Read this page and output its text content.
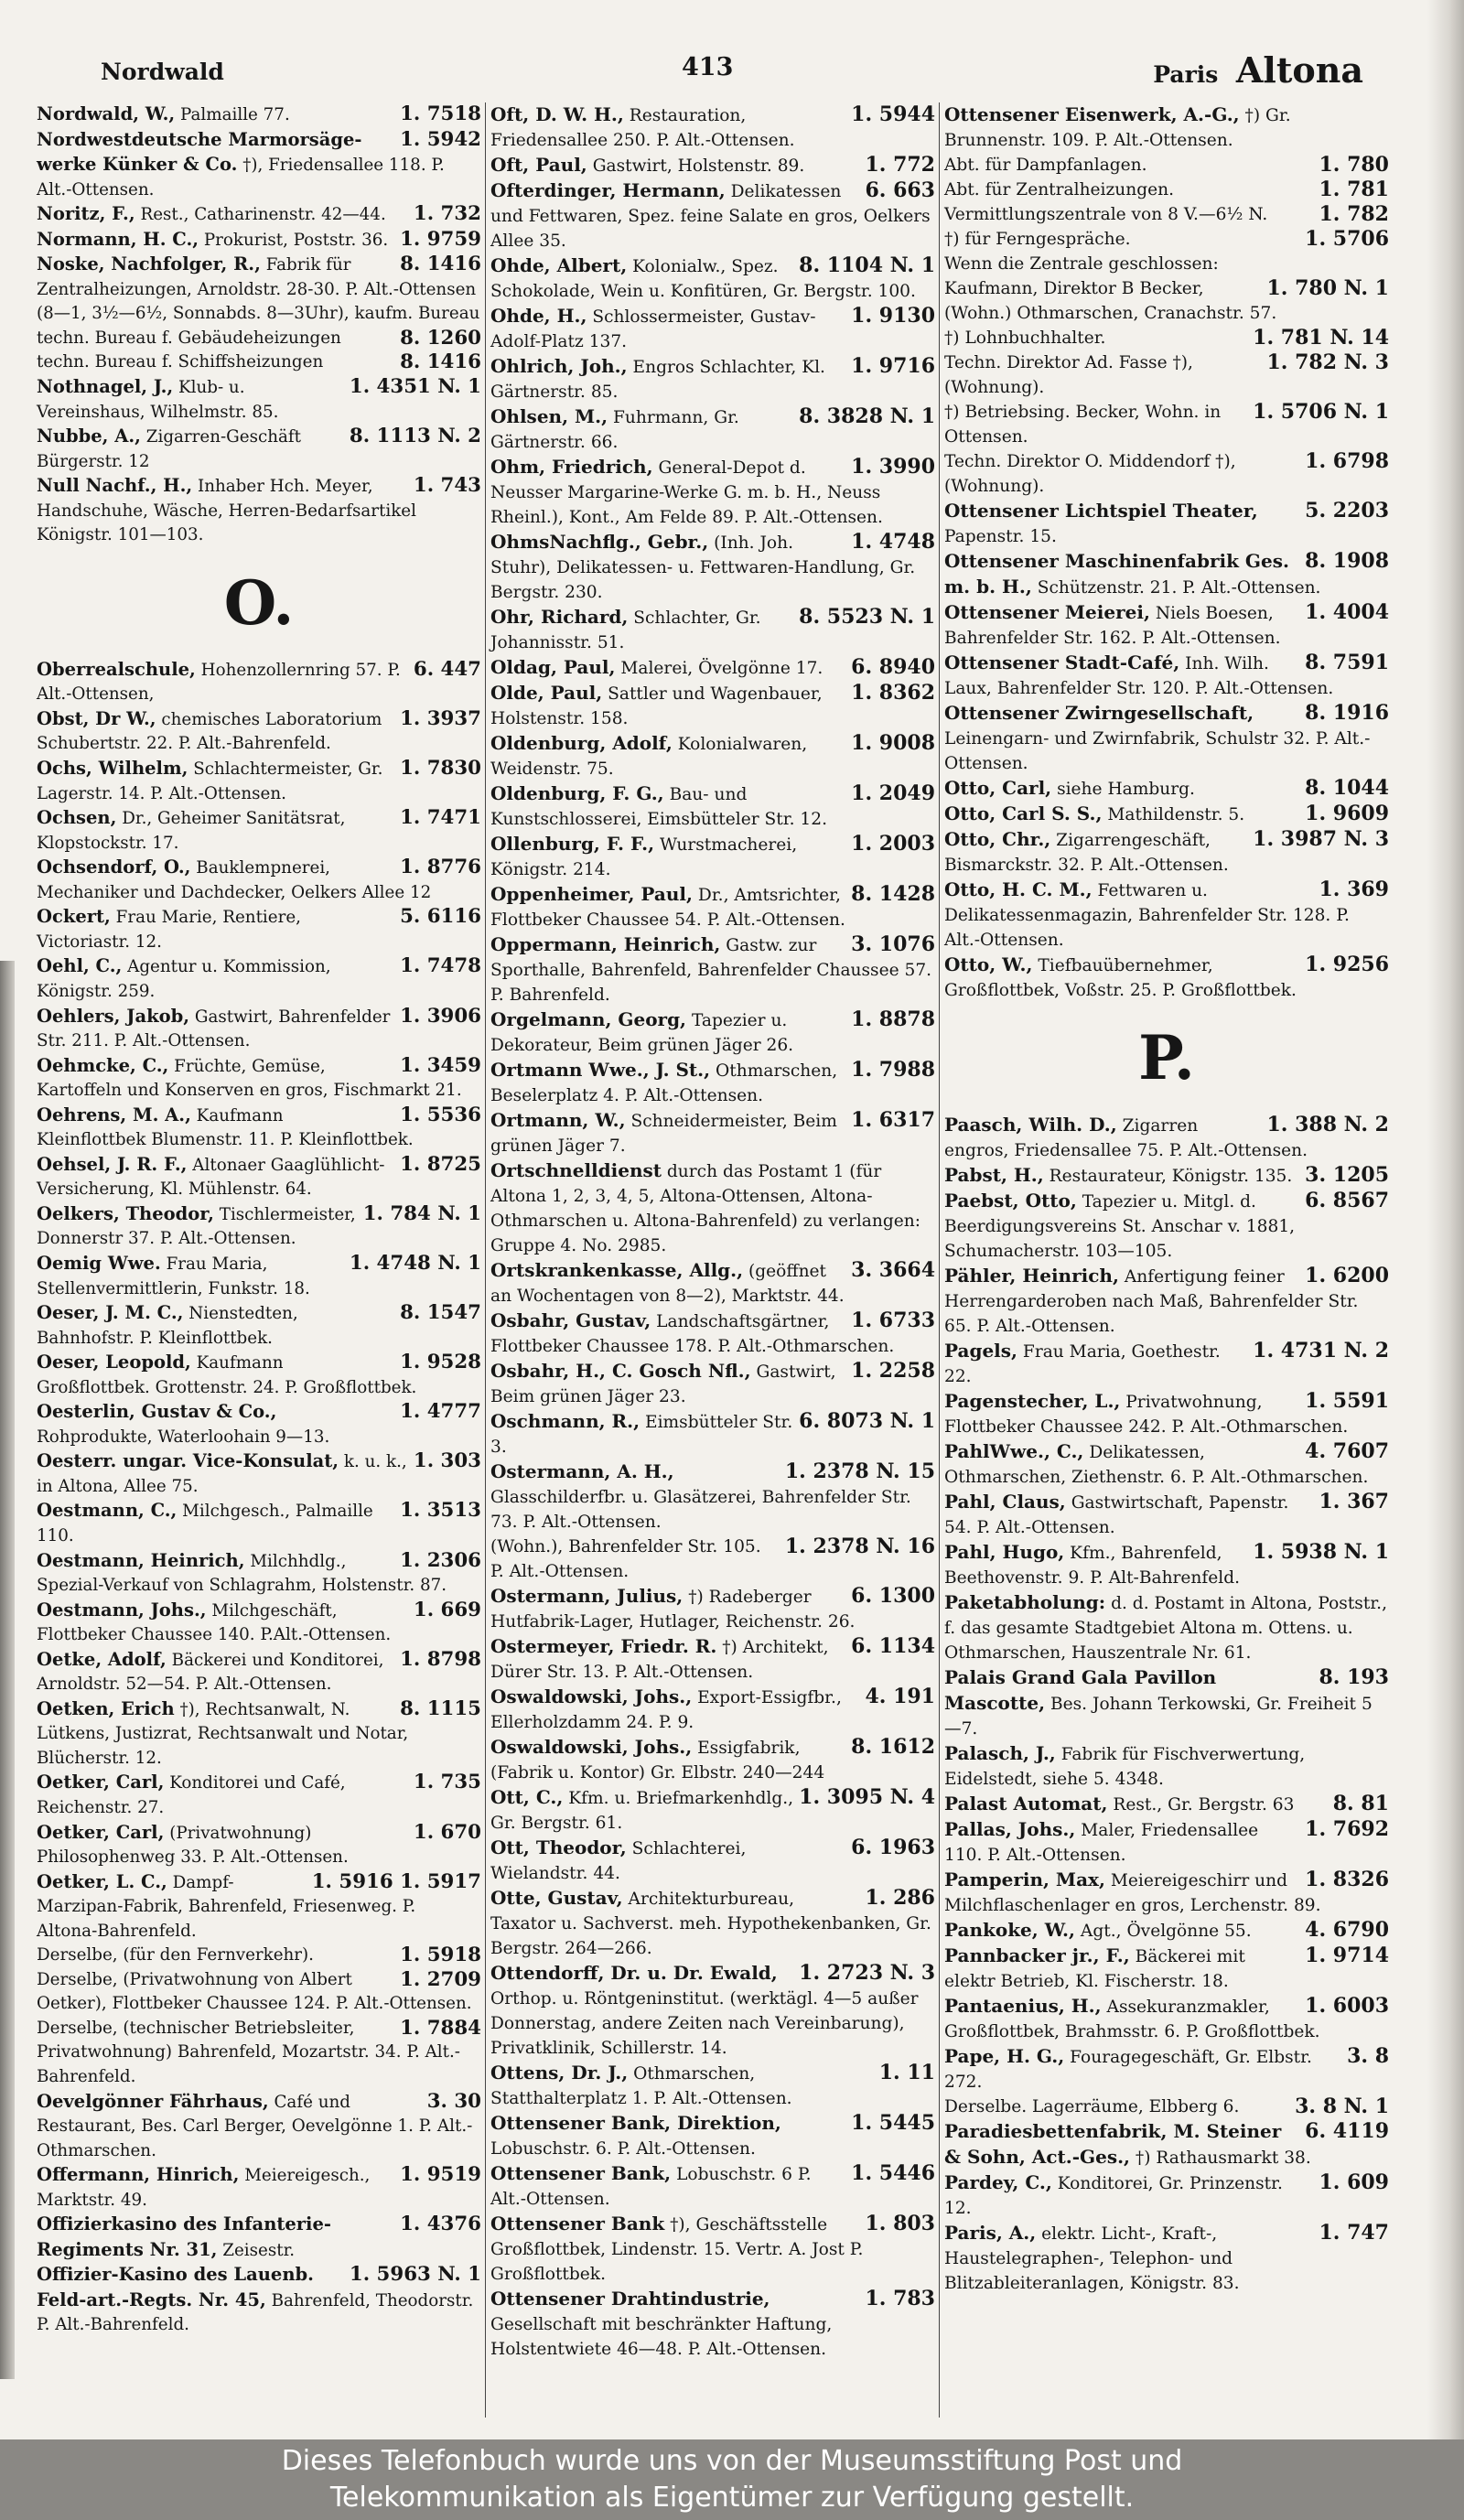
Nordwald	413	Paris Altona

1. 7518
Nordwald, W., Palmaille 77.

1. 5942
Nordwestdeutsche Marmorsäge-werke Künker & Co. †), Friedensallee 118. P. Alt.-Ottensen.

1. 732
Noritz, F., Rest., Catharinenstr. 42—44.

1. 9759
Normann, H. C., Prokurist, Poststr. 36.

8. 1416
Noske, Nachfolger, R., Fabrik für Zentralheizungen, Arnoldstr. 28-30. P. Alt.-Ottensen (8—1, 3½—6½, Sonnabds. 8—3Uhr), kaufm. Bureau

8. 1260
techn. Bureau f. Gebäudeheizungen

8. 1416
techn. Bureau f. Schiffsheizungen

1. 4351 N. 1
Nothnagel, J., Klub- u. Vereinshaus, Wilhelmstr. 85.

8. 1113 N. 2
Nubbe, A., Zigarren-Geschäft Bürgerstr. 12

1. 743
Null Nachf., H., Inhaber Hch. Meyer, Handschuhe, Wäsche, Herren-Bedarfsartikel Königstr. 101—103.

O.

6. 447
Oberrealschule, Hohenzollernring 57. P. Alt.-Ottensen,

1. 3937
Obst, Dr W., chemisches Laboratorium Schubertstr. 22. P. Alt.-Bahrenfeld.

1. 7830
Ochs, Wilhelm, Schlachtermeister, Gr. Lagerstr. 14. P. Alt.-Ottensen.

1. 7471
Ochsen, Dr., Geheimer Sanitätsrat, Klopstockstr. 17.

1. 8776
Ochsendorf, O., Bauklempnerei, Mechaniker und Dachdecker, Oelkers Allee 12

5. 6116
Ockert, Frau Marie, Rentiere, Victoriastr. 12.

1. 7478
Oehl, C., Agentur u. Kommission, Königstr. 259.

1. 3906
Oehlers, Jakob, Gastwirt, Bahrenfelder Str. 211. P. Alt.-Ottensen.

1. 3459
Oehmcke, C., Früchte, Gemüse, Kartoffeln und Konserven en gros, Fischmarkt 21.

1. 5536
Oehrens, M. A., Kaufmann Kleinflottbek Blumenstr. 11. P. Kleinflottbek.

1. 8725
Oehsel, J. R. F., Altonaer Gaaglühlicht-Versicherung, Kl. Mühlenstr. 64.

1. 784 N. 1
Oelkers, Theodor, Tischlermeister, Donnerstr 37. P. Alt.-Ottensen.

1. 4748 N. 1
Oemig Wwe. Frau Maria, Stellenvermittlerin, Funkstr. 18.

8. 1547
Oeser, J. M. C., Nienstedten, Bahnhofstr. P. Kleinflottbek.

1. 9528
Oeser, Leopold, Kaufmann Großflottbek. Grottenstr. 24. P. Großflottbek.

1. 4777
Oesterlin, Gustav & Co., Rohprodukte, Waterloohain 9—13.

1. 303
Oesterr. ungar. Vice-Konsulat, k. u. k., in Altona, Allee 75.

1. 3513
Oestmann, C., Milchgesch., Palmaille 110.

1. 2306
Oestmann, Heinrich, Milchhdlg., Spezial-Verkauf von Schlagrahm, Holstenstr. 87.

1. 669
Oestmann, Johs., Milchgeschäft, Flottbeker Chaussee 140. P.Alt.-Ottensen.

1. 8798
Oetke, Adolf, Bäckerei und Konditorei, Arnoldstr. 52—54. P. Alt.-Ottensen.

8. 1115
Oetken, Erich †), Rechtsanwalt, N. Lütkens, Justizrat, Rechtsanwalt und Notar, Blücherstr. 12.

1. 735
Oetker, Carl, Konditorei und Café, Reichenstr. 27.

1. 670
Oetker, Carl, (Privatwohnung) Philosophenweg 33. P. Alt.-Ottensen.

1. 5916 1. 5917
Oetker, L. C., Dampf-Marzipan-Fabrik, Bahrenfeld, Friesenweg. P. Altona-Bahrenfeld.

1. 5918
Derselbe, (für den Fernverkehr).

1. 2709
Derselbe, (Privatwohnung von Albert Oetker), Flottbeker Chaussee 124. P. Alt.-Ottensen.

1. 7884
Derselbe, (technischer Betriebsleiter, Privatwohnung) Bahrenfeld, Mozartstr. 34. P. Alt.-Bahrenfeld.

3. 30
Oevelgönner Fährhaus, Café und Restaurant, Bes. Carl Berger, Oevelgönne 1. P. Alt.-Othmarschen.

1. 9519
Offermann, Hinrich, Meiereigesch., Marktstr. 49.

1. 4376
Offizierkasino des Infanterie-Regiments Nr. 31, Zeisestr.

1. 5963 N. 1
Offizier-Kasino des Lauenb. Feld-art.-Regts. Nr. 45, Bahrenfeld, Theodorstr. P. Alt.-Bahrenfeld.

1. 5944
Oft, D. W. H., Restauration, Friedensallee 250. P. Alt.-Ottensen.

1. 772
Oft, Paul, Gastwirt, Holstenstr. 89.

6. 663
Ofterdinger, Hermann, Delikatessen und Fettwaren, Spez. feine Salate en gros, Oelkers Allee 35.

8. 1104 N. 1
Ohde, Albert, Kolonialw., Spez. Schokolade, Wein u. Konfitüren, Gr. Bergstr. 100.

1. 9130
Ohde, H., Schlossermeister, Gustav-Adolf-Platz 137.

1. 9716
Ohlrich, Joh., Engros Schlachter, Kl. Gärtnerstr. 85.

8. 3828 N. 1
Ohlsen, M., Fuhrmann, Gr. Gärtnerstr. 66.

1. 3990
Ohm, Friedrich, General-Depot d. Neusser Margarine-Werke G. m. b. H., Neuss Rheinl.), Kont., Am Felde 89. P. Alt.-Ottensen.

1. 4748
OhmsNachflg., Gebr., (Inh. Joh. Stuhr), Delikatessen- u. Fettwaren-Handlung, Gr. Bergstr. 230.

8. 5523 N. 1
Ohr, Richard, Schlachter, Gr. Johannisstr. 51.

6. 8940
Oldag, Paul, Malerei, Övelgönne 17.

1. 8362
Olde, Paul, Sattler und Wagenbauer, Holstenstr. 158.

1. 9008
Oldenburg, Adolf, Kolonialwaren, Weidenstr. 75.

1. 2049
Oldenburg, F. G., Bau- und Kunstschlosserei, Eimsbütteler Str. 12.

1. 2003
Ollenburg, F. F., Wurstmacherei, Königstr. 214.

8. 1428
Oppenheimer, Paul, Dr., Amtsrichter, Flottbeker Chaussee 54. P. Alt.-Ottensen.

3. 1076
Oppermann, Heinrich, Gastw. zur Sporthalle, Bahrenfeld, Bahrenfelder Chaussee 57. P. Bahrenfeld.

1. 8878
Orgelmann, Georg, Tapezier u. Dekorateur, Beim grünen Jäger 26.

1. 7988
Ortmann Wwe., J. St., Othmarschen, Beselerplatz 4. P. Alt.-Ottensen.

1. 6317
Ortmann, W., Schneidermeister, Beim grünen Jäger 7.

Ortschnelldienst durch das Postamt 1 (für Altona 1, 2, 3, 4, 5, Altona-Ottensen, Altona-Othmarschen u. Altona-Bahrenfeld) zu verlangen: Gruppe 4. No. 2985.

3. 3664
Ortskrankenkasse, Allg., (geöffnet an Wochentagen von 8—2), Marktstr. 44.

1. 6733
Osbahr, Gustav, Landschaftsgärtner, Flottbeker Chaussee 178. P. Alt.-Othmarschen.

1. 2258
Osbahr, H., C. Gosch Nfl., Gastwirt, Beim grünen Jäger 23.

6. 8073 N. 1
Oschmann, R., Eimsbütteler Str. 3.

1. 2378 N. 15
Ostermann, A. H., Glasschilderfbr. u. Glasätzerei, Bahrenfelder Str. 73. P. Alt.-Ottensen.

1. 2378 N. 16
(Wohn.), Bahrenfelder Str. 105. P. Alt.-Ottensen.

6. 1300
Ostermann, Julius, †) Radeberger Hutfabrik-Lager, Hutlager, Reichenstr. 26.

6. 1134
Ostermeyer, Friedr. R. †) Architekt, Dürer Str. 13. P. Alt.-Ottensen.

4. 191
Oswaldowski, Johs., Export-Essigfbr., Ellerholzdamm 24. P. 9.

8. 1612
Oswaldowski, Johs., Essigfabrik, (Fabrik u. Kontor) Gr. Elbstr. 240—244

1. 3095 N. 4
Ott, C., Kfm. u. Briefmarkenhdlg., Gr. Bergstr. 61.

6. 1963
Ott, Theodor, Schlachterei, Wielandstr. 44.

1. 286
Otte, Gustav, Architekturbureau, Taxator u. Sachverst. meh. Hypothekenbanken, Gr. Bergstr. 264—266.

1. 2723 N. 3
Ottendorff, Dr. u. Dr. Ewald, Orthop. u. Röntgeninstitut. (werktägl. 4—5 außer Donnerstag, andere Zeiten nach Vereinbarung), Privatklinik, Schillerstr. 14.

1. 11
Ottens, Dr. J., Othmarschen, Statthalterplatz 1. P. Alt.-Ottensen.

1. 5445
Ottensener Bank, Direktion, Lobuschstr. 6. P. Alt.-Ottensen.

1. 5446
Ottensener Bank, Lobuschstr. 6 P. Alt.-Ottensen.

1. 803
Ottensener Bank †), Geschäftsstelle Großflottbek, Lindenstr. 15. Vertr. A. Jost P. Großflottbek.

1. 783
Ottensener Drahtindustrie, Gesellschaft mit beschränkter Haftung, Holstentwiete 46—48. P. Alt.-Ottensen.

Ottensener Eisenwerk, A.-G., †) Gr. Brunnenstr. 109. P. Alt.-Ottensen.

1. 780
Abt. für Dampfanlagen.

1. 781
Abt. für Zentralheizungen.

1. 782
Vermittlungszentrale von 8 V.—6½ N.

1. 5706
†) für Ferngespräche.

Wenn die Zentrale geschlossen:

1. 780 N. 1
Kaufmann, Direktor B Becker, (Wohn.) Othmarschen, Cranachstr. 57.

1. 781 N. 14
†) Lohnbuchhalter.

1. 782 N. 3
Techn. Direktor Ad. Fasse †), (Wohnung).

1. 5706 N. 1
†) Betriebsing. Becker, Wohn. in Ottensen.

1. 6798
Techn. Direktor O. Middendorf †), (Wohnung).

5. 2203
Ottensener Lichtspiel Theater, Papenstr. 15.

8. 1908
Ottensener Maschinenfabrik Ges. m. b. H., Schützenstr. 21. P. Alt.-Ottensen.

1. 4004
Ottensener Meierei, Niels Boesen, Bahrenfelder Str. 162. P. Alt.-Ottensen.

8. 7591
Ottensener Stadt-Café, Inh. Wilh. Laux, Bahrenfelder Str. 120. P. Alt.-Ottensen.

8. 1916
Ottensener Zwirngesellschaft, Leinengarn- und Zwirnfabrik, Schulstr 32. P. Alt.-Ottensen.

8. 1044
Otto, Carl, siehe Hamburg.

1. 9609
Otto, Carl S. S., Mathildenstr. 5.

1. 3987 N. 3
Otto, Chr., Zigarrengeschäft, Bismarckstr. 32. P. Alt.-Ottensen.

1. 369
Otto, H. C. M., Fettwaren u. Delikatessenmagazin, Bahrenfelder Str. 128. P. Alt.-Ottensen.

1. 9256
Otto, W., Tiefbauübernehmer, Großflottbek, Voßstr. 25. P. Großflottbek.

P.

1. 388 N. 2
Paasch, Wilh. D., Zigarren engros, Friedensallee 75. P. Alt.-Ottensen.

3. 1205
Pabst, H., Restaurateur, Königstr. 135.

6. 8567
Paebst, Otto, Tapezier u. Mitgl. d. Beerdigungsvereins St. Anschar v. 1881, Schumacherstr. 103—105.

1. 6200
Pähler, Heinrich, Anfertigung feiner Herrengarderoben nach Maß, Bahrenfelder Str. 65. P. Alt.-Ottensen.

1. 4731 N. 2
Pagels, Frau Maria, Goethestr. 22.

1. 5591
Pagenstecher, L., Privatwohnung, Flottbeker Chaussee 242. P. Alt.-Othmarschen.

4. 7607
PahlWwe., C., Delikatessen, Othmarschen, Ziethenstr. 6. P. Alt.-Othmarschen.

1. 367
Pahl, Claus, Gastwirtschaft, Papenstr. 54. P. Alt.-Ottensen.

1. 5938 N. 1
Pahl, Hugo, Kfm., Bahrenfeld, Beethovenstr. 9. P. Alt-Bahrenfeld.

Paketabholung: d. d. Postamt in Altona, Poststr., f. das gesamte Stadtgebiet Altona m. Ottens. u. Othmarschen, Hauszentrale Nr. 61.

8. 193
Palais Grand Gala Pavillon Mascotte, Bes. Johann Terkowski, Gr. Freiheit 5—7.

Palasch, J., Fabrik für Fischverwertung, Eidelstedt, siehe 5. 4348.

8. 81
Palast Automat, Rest., Gr. Bergstr. 63

1. 7692
Pallas, Johs., Maler, Friedensallee 110. P. Alt.-Ottensen.

1. 8326
Pamperin, Max, Meiereigeschirr und Milchflaschenlager en gros, Lerchenstr. 89.

4. 6790
Pankoke, W., Agt., Övelgönne 55.

1. 9714
Pannbacker jr., F., Bäckerei mit elektr Betrieb, Kl. Fischerstr. 18.

1. 6003
Pantaenius, H., Assekuranzmakler, Großflottbek, Brahmsstr. 6. P. Großflottbek.

3. 8
Pape, H. G., Fouragegeschäft, Gr. Elbstr. 272.

3. 8 N. 1
Derselbe. Lagerräume, Elbberg 6.

6. 4119
Paradiesbettenfabrik, M. Steiner & Sohn, Act.-Ges., †) Rathausmarkt 38.

1. 609
Pardey, C., Konditorei, Gr. Prinzenstr. 12.

1. 747
Paris, A., elektr. Licht-, Kraft-, Haustelegraphen-, Telephon- und Blitzableiteranlagen, Königstr. 83.

Dieses Telefonbuch wurde uns von der Museumsstiftung Post und
Telekommunikation als Eigentümer zur Verfügung gestellt.
